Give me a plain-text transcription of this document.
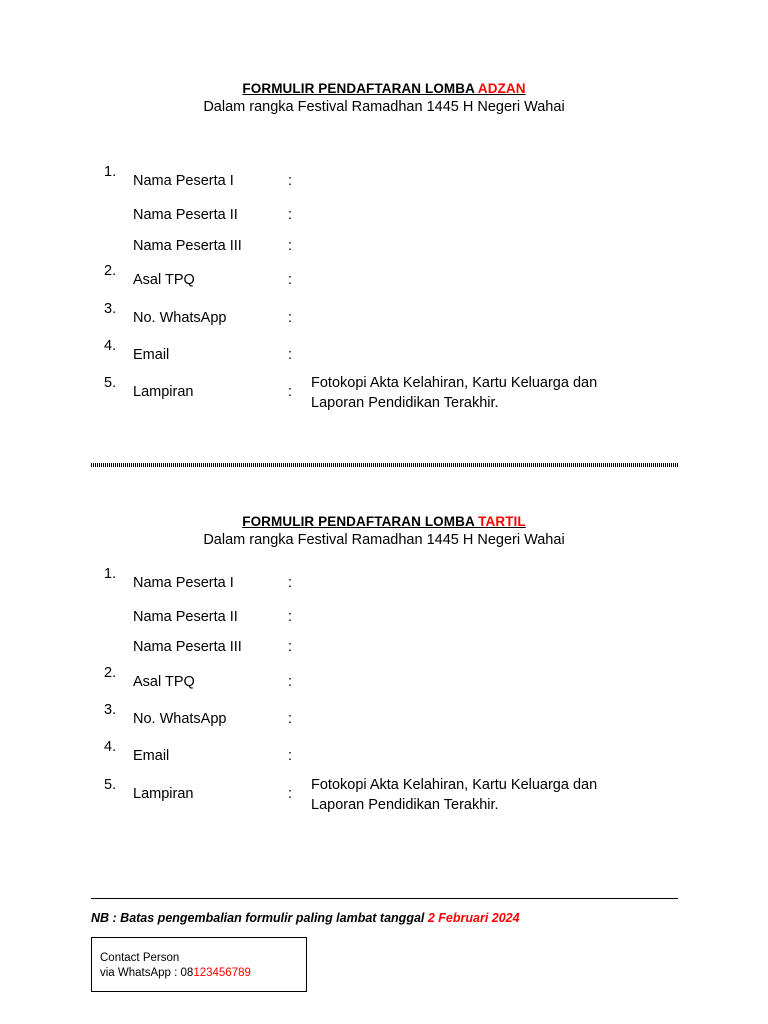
FORMULIR PENDAFTARAN LOMBA ADZAN
Dalam rangka Festival Ramadhan 1445 H Negeri Wahai
1.
Nama Peserta I	:
Nama Peserta II	:
Nama Peserta III	:
2.
Asal TPQ	:
3.
No. WhatsApp	:
4.
Email	:
5.
Lampiran	:
Fotokopi Akta Kelahiran, Kartu Keluarga dan
Laporan Pendidikan Terakhir.
FORMULIR PENDAFTARAN LOMBA TARTIL
Dalam rangka Festival Ramadhan 1445 H Negeri Wahai
1.
Nama Peserta I	:
Nama Peserta II	:
Nama Peserta III	:
2.
Asal TPQ	:
3.
No. WhatsApp	:
4.
Email	:
5.
Lampiran	:
Fotokopi Akta Kelahiran, Kartu Keluarga dan
Laporan Pendidikan Terakhir.
NB : Batas pengembalian formulir paling lambat tanggal 2 Februari 2024
Contact Person
via WhatsApp : 08123456789
